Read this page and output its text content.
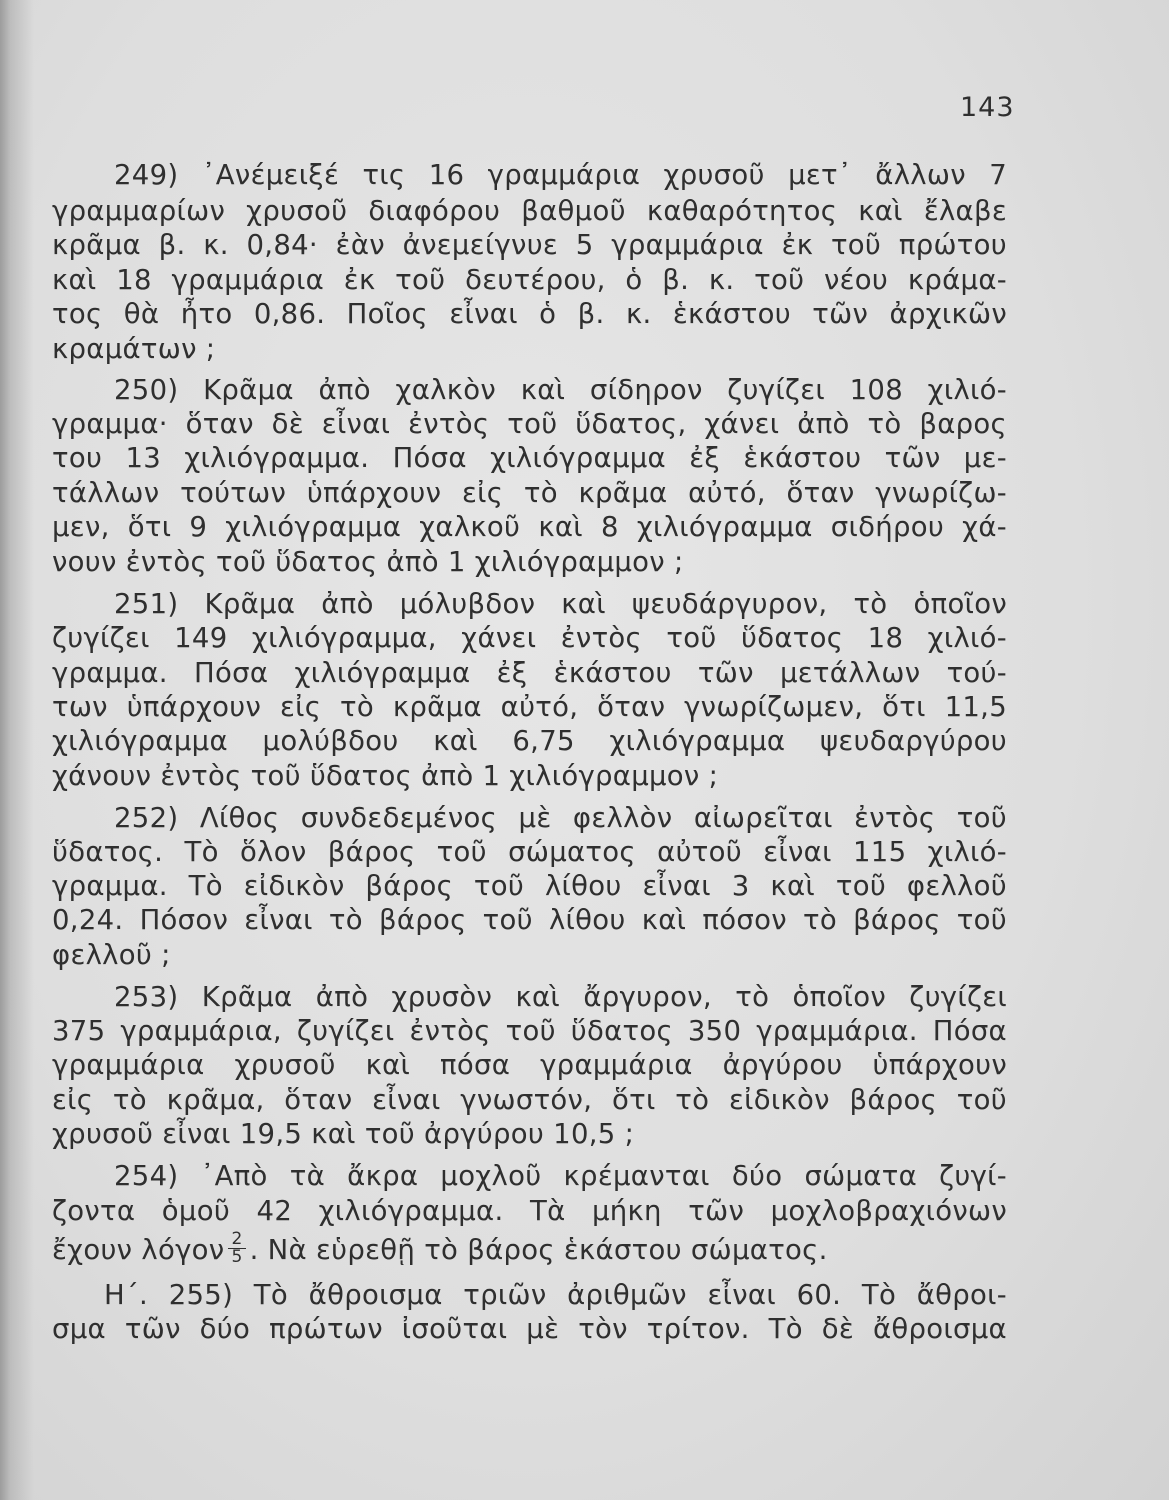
143
249) ᾽Ανέμειξέ τις 16 γραμμάρια χρυσοῦ μετ᾽ ἄλλων 7
γραμμαρίων χρυσοῦ διαφόρου βαθμοῦ καθαρότητος καὶ ἔλαβε
κρᾶμα β. κ. 0,84· ἐὰν ἀνεμείγνυε 5 γραμμάρια ἐκ τοῦ πρώτου
καὶ 18 γραμμάρια ἐκ τοῦ δευτέρου, ὁ β. κ. τοῦ νέου κράμα-
τος θὰ ἦτο 0,86. Ποῖος εἶναι ὁ β. κ. ἑκάστου τῶν ἀρχικῶν
κραμάτων ;
250) Κρᾶμα ἀπὸ χαλκὸν καὶ σίδηρον ζυγίζει 108 χιλιό-
γραμμα· ὅταν δὲ εἶναι ἐντὸς τοῦ ὕδατος, χάνει ἀπὸ τὸ βαρος
του 13 χιλιόγραμμα. Πόσα χιλιόγραμμα ἐξ ἑκάστου τῶν με-
τάλλων τούτων ὑπάρχουν εἰς τὸ κρᾶμα αὐτό, ὅταν γνωρίζω-
μεν, ὅτι 9 χιλιόγραμμα χαλκοῦ καὶ 8 χιλιόγραμμα σιδήρου χά-
νουν ἐντὸς τοῦ ὕδατος ἀπὸ 1 χιλιόγραμμον ;
251) Κρᾶμα ἀπὸ μόλυβδον καὶ ψευδάργυρον, τὸ ὁποῖον
ζυγίζει 149 χιλιόγραμμα, χάνει ἐντὸς τοῦ ὕδατος 18 χιλιό-
γραμμα. Πόσα χιλιόγραμμα ἐξ ἑκάστου τῶν μετάλλων τού-
των ὑπάρχουν εἰς τὸ κρᾶμα αὐτό, ὅταν γνωρίζωμεν, ὅτι 11,5
χιλιόγραμμα μολύβδου καὶ 6,75 χιλιόγραμμα ψευδαργύρου
χάνουν ἐντὸς τοῦ ὕδατος ἀπὸ 1 χιλιόγραμμον ;
252) Λίθος συνδεδεμένος μὲ φελλὸν αἰωρεῖται ἐντὸς τοῦ
ὕδατος. Τὸ ὅλον βάρος τοῦ σώματος αὐτοῦ εἶναι 115 χιλιό-
γραμμα. Τὸ εἰδικὸν βάρος τοῦ λίθου εἶναι 3 καὶ τοῦ φελλοῦ
0,24. Πόσον εἶναι τὸ βάρος τοῦ λίθου καὶ πόσον τὸ βάρος τοῦ
φελλοῦ ;
253) Κρᾶμα ἀπὸ χρυσὸν καὶ ἄργυρον, τὸ ὁποῖον ζυγίζει
375 γραμμάρια, ζυγίζει ἐντὸς τοῦ ὕδατος 350 γραμμάρια. Πόσα
γραμμάρια χρυσοῦ καὶ πόσα γραμμάρια ἀργύρου ὑπάρχουν
εἰς τὸ κρᾶμα, ὅταν εἶναι γνωστόν, ὅτι τὸ εἰδικὸν βάρος τοῦ
χρυσοῦ εἶναι 19,5 καὶ τοῦ ἀργύρου 10,5 ;
254) ᾽Απὸ τὰ ἄκρα μοχλοῦ κρέμανται δύο σώματα ζυγί-
ζοντα ὁμοῦ 42 χιλιόγραμμα. Τὰ μήκη τῶν μοχλοβραχιόνων
ἔχουν λόγον $\frac{2}{5}$ . Νὰ εὑρεθῇ τὸ βάρος ἑκάστου σώματος.
Η΄. 255) Τὸ ἄθροισμα τριῶν ἀριθμῶν εἶναι 60. Τὸ ἄθροι-
σμα τῶν δύο πρώτων ἰσοῦται μὲ τὸν τρίτον. Τὸ δὲ ἄθροισμα
